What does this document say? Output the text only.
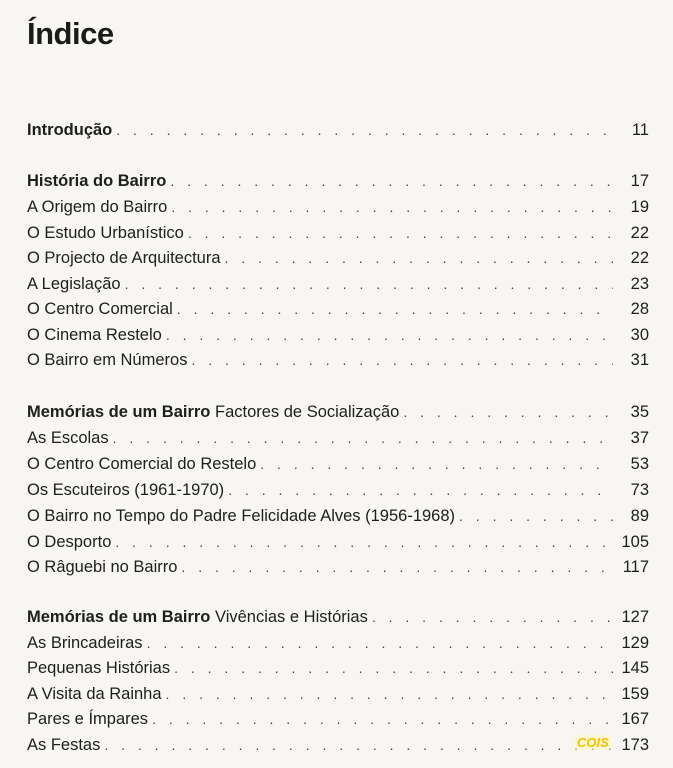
Índice
Introdução . . .	11
História do Bairro . . .	17
A Origem do Bairro . . .	19
O Estudo Urbanístico . . .	22
O Projecto de Arquitectura . . .	22
A Legislação . . .	23
O Centro Comercial . . .	28
O Cinema Restelo . . .	30
O Bairro em Números . . .	31
Memórias de um Bairro Factores de Socialização . . .	35
As Escolas . . .	37
O Centro Comercial do Restelo . . .	53
Os Escuteiros (1961-1970) . . .	73
O Bairro no Tempo do Padre Felicidade Alves (1956-1968) . . .	89
O Desporto . . .	105
O Râguebi no Bairro . . .	117
Memórias de um Bairro Vivências e Histórias . . .	127
As Brincadeiras . . .	129
Pequenas Histórias . . .	145
A Visita da Rainha . . .	159
Pares e Ímpares . . .	167
As Festas . . .	173
COIS
